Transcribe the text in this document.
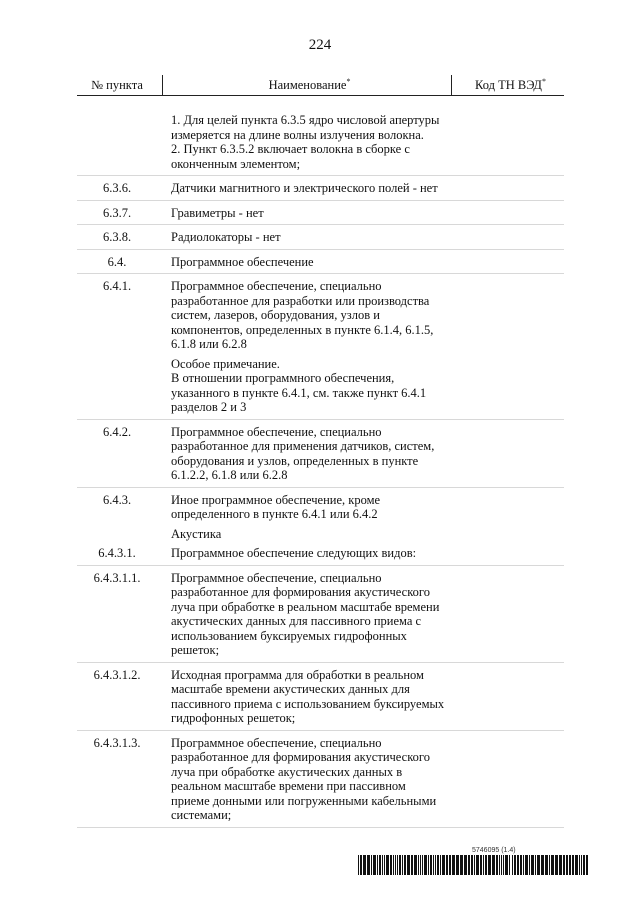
224
№ пункта	Наименование*	Код ТН ВЭД*
1. Для целей пункта 6.3.5 ядро числовой апертуры измеряется на длине волны излучения волокна.
2. Пункт 6.3.5.2 включает волокна в сборке с оконченным элементом;
6.3.6.	Датчики магнитного и электрического полей - нет
6.3.7.	Гравиметры - нет
6.3.8.	Радиолокаторы - нет
6.4.	Программное обеспечение
6.4.1.	Программное обеспечение, специально разработанное для разработки или производства систем, лазеров, оборудования, узлов и компонентов, определенных в пункте 6.1.4, 6.1.5, 6.1.8 или 6.2.8
Особое примечание.
В отношении программного обеспечения, указанного в пункте 6.4.1, см. также пункт 6.4.1 разделов 2 и 3
6.4.2.	Программное обеспечение, специально разработанное для применения датчиков, систем, оборудования и узлов, определенных в пункте 6.1.2.2, 6.1.8 или 6.2.8
6.4.3.	Иное программное обеспечение, кроме определенного в пункте 6.4.1 или 6.4.2
Акустика
6.4.3.1.	Программное обеспечение следующих видов:
6.4.3.1.1.	Программное обеспечение, специально разработанное для формирования акустического луча при обработке в реальном масштабе времени акустических данных для пассивного приема с использованием буксируемых гидрофонных решеток;
6.4.3.1.2.	Исходная программа для обработки в реальном масштабе времени акустических данных для пассивного приема с использованием буксируемых гидрофонных решеток;
6.4.3.1.3.	Программное обеспечение, специально разработанное для формирования акустического луча при обработке акустических данных в реальном масштабе времени при пассивном приеме донными или погруженными кабельными системами;
5746095 (1.4)
